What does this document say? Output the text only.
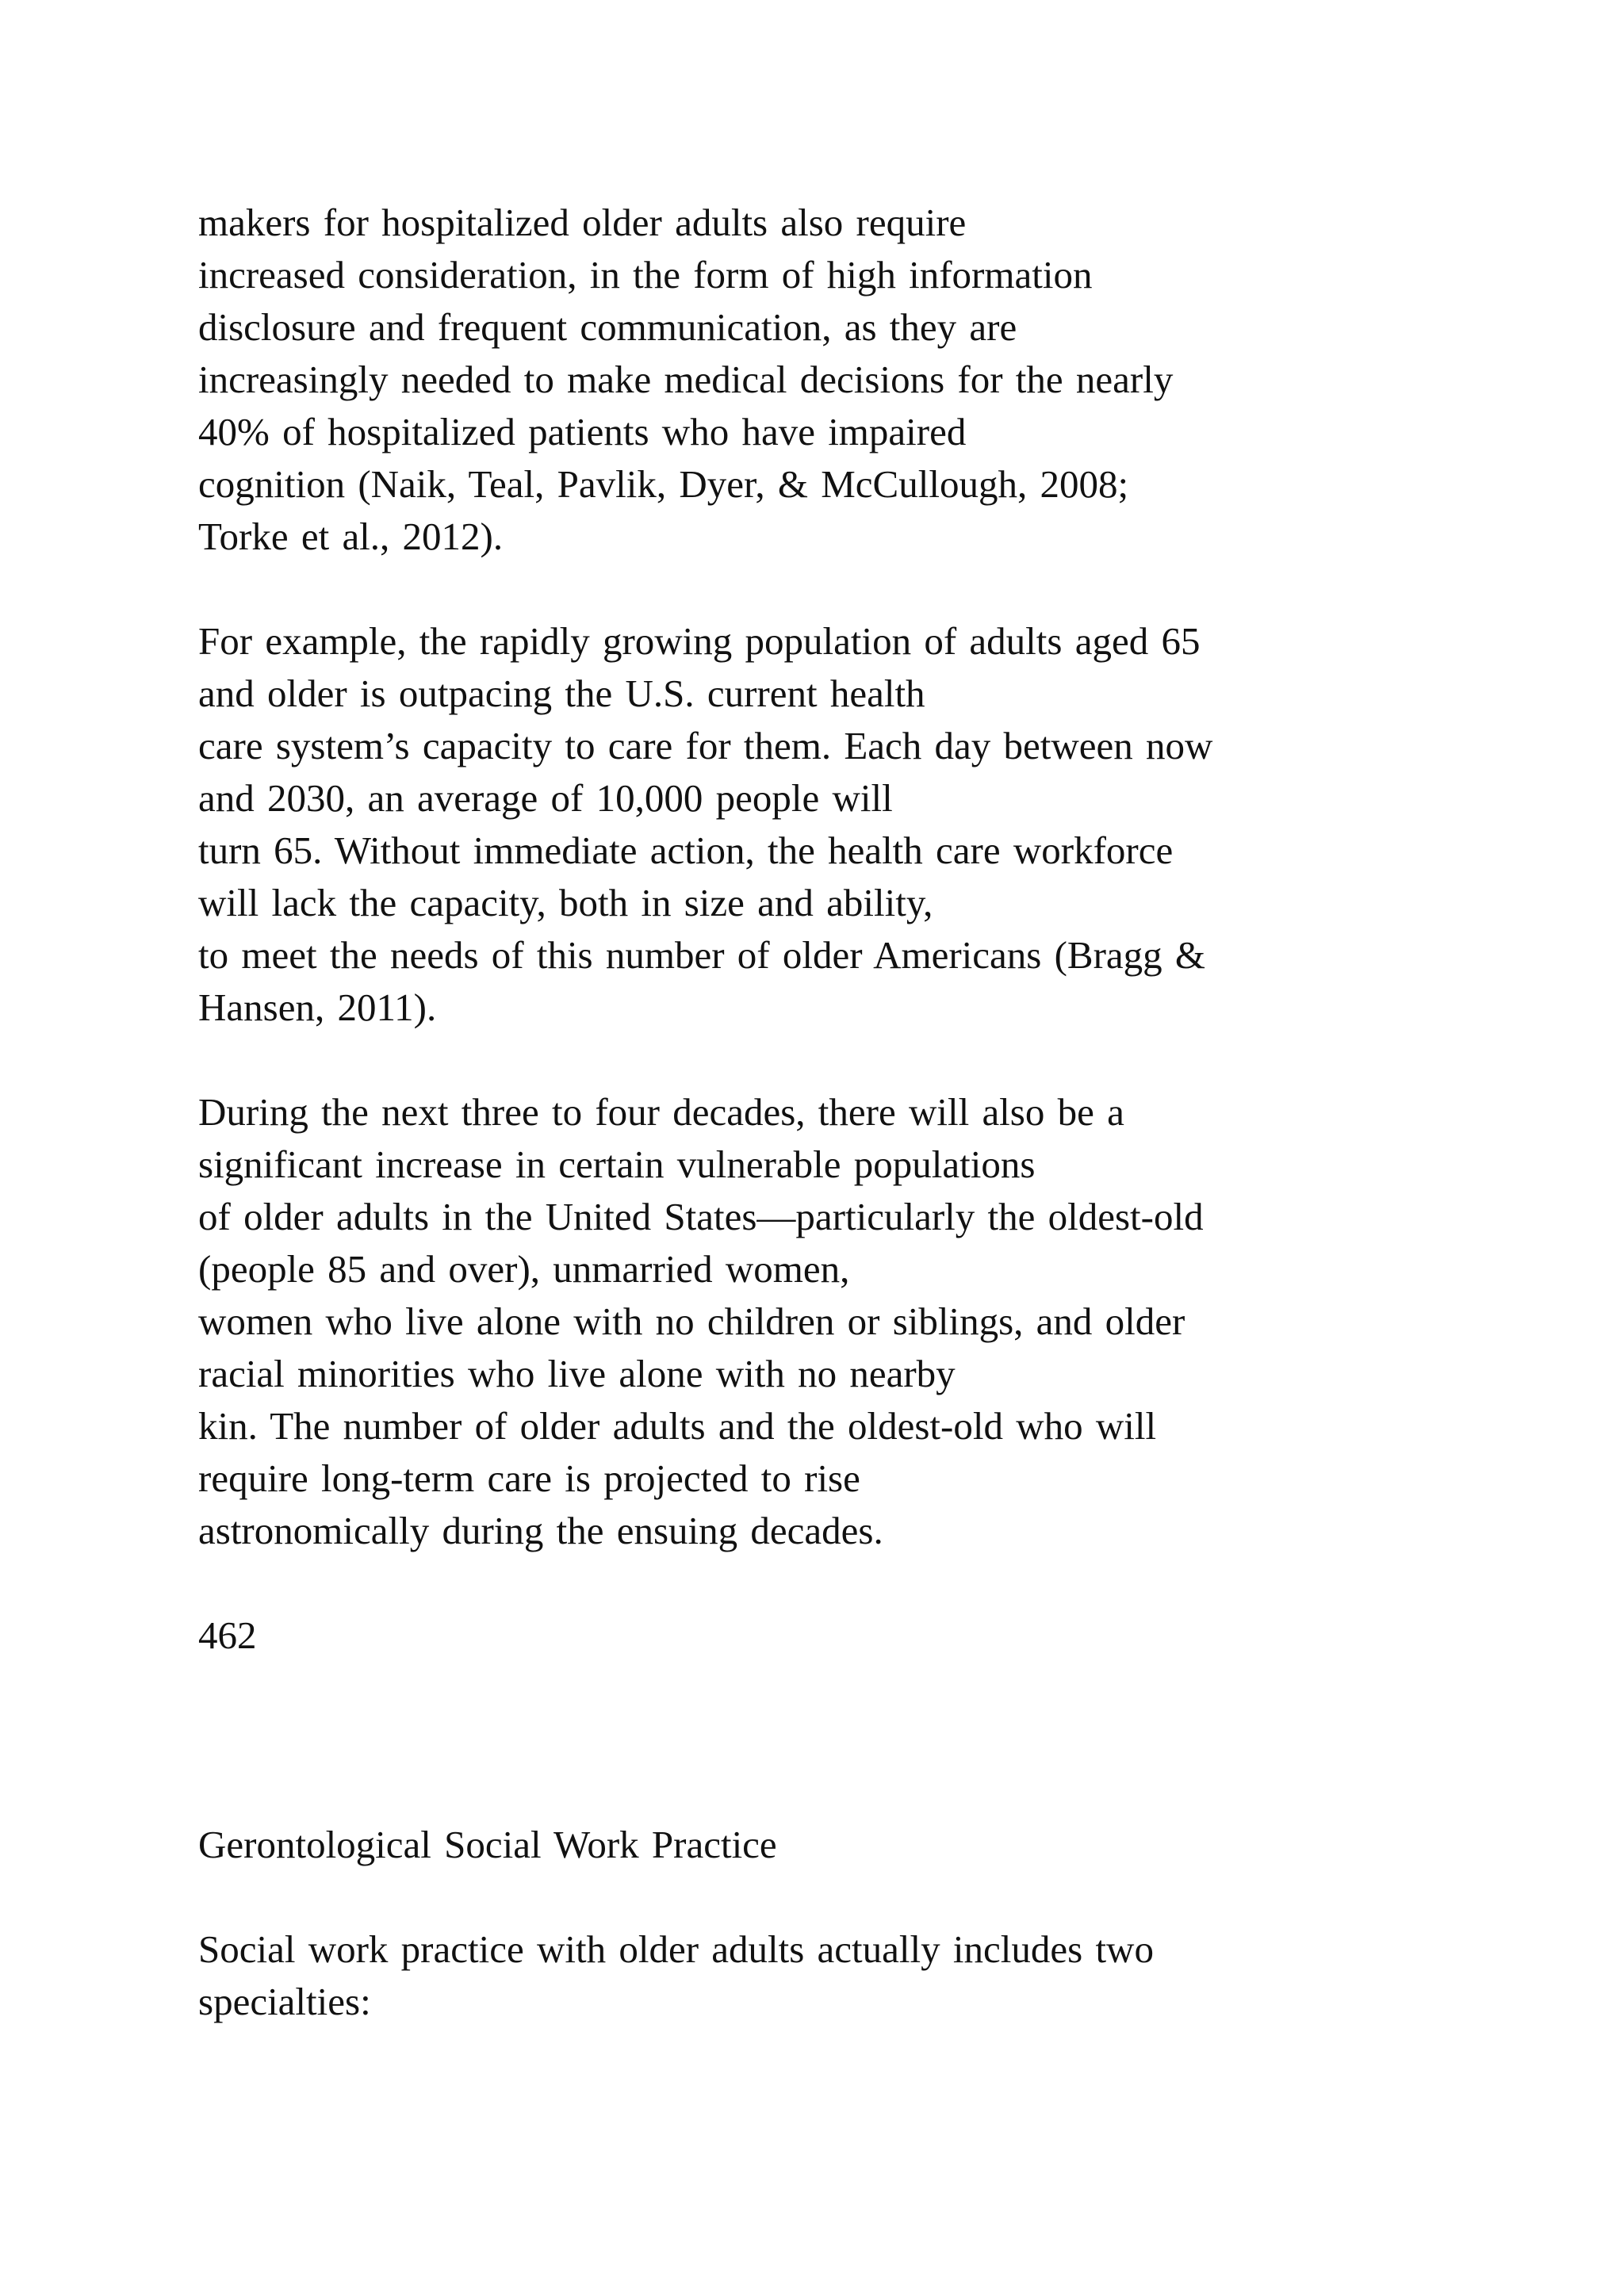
makers for hospitalized older adults also require
increased consideration, in the form of high information
disclosure and frequent communication, as they are
increasingly needed to make medical decisions for the nearly
40% of hospitalized patients who have impaired
cognition (Naik, Teal, Pavlik, Dyer, & McCullough, 2008;
Torke et al., 2012).
For example, the rapidly growing population of adults aged 65
and older is outpacing the U.S. current health
care system’s capacity to care for them. Each day between now
and 2030, an average of 10,000 people will
turn 65. Without immediate action, the health care workforce
will lack the capacity, both in size and ability,
to meet the needs of this number of older Americans (Bragg &
Hansen, 2011).
During the next three to four decades, there will also be a
significant increase in certain vulnerable populations
of older adults in the United States—particularly the oldest-old
(people 85 and over), unmarried women,
women who live alone with no children or siblings, and older
racial minorities who live alone with no nearby
kin. The number of older adults and the oldest-old who will
require long-term care is projected to rise
astronomically during the ensuing decades.
462
Gerontological Social Work Practice
Social work practice with older adults actually includes two
specialties:
